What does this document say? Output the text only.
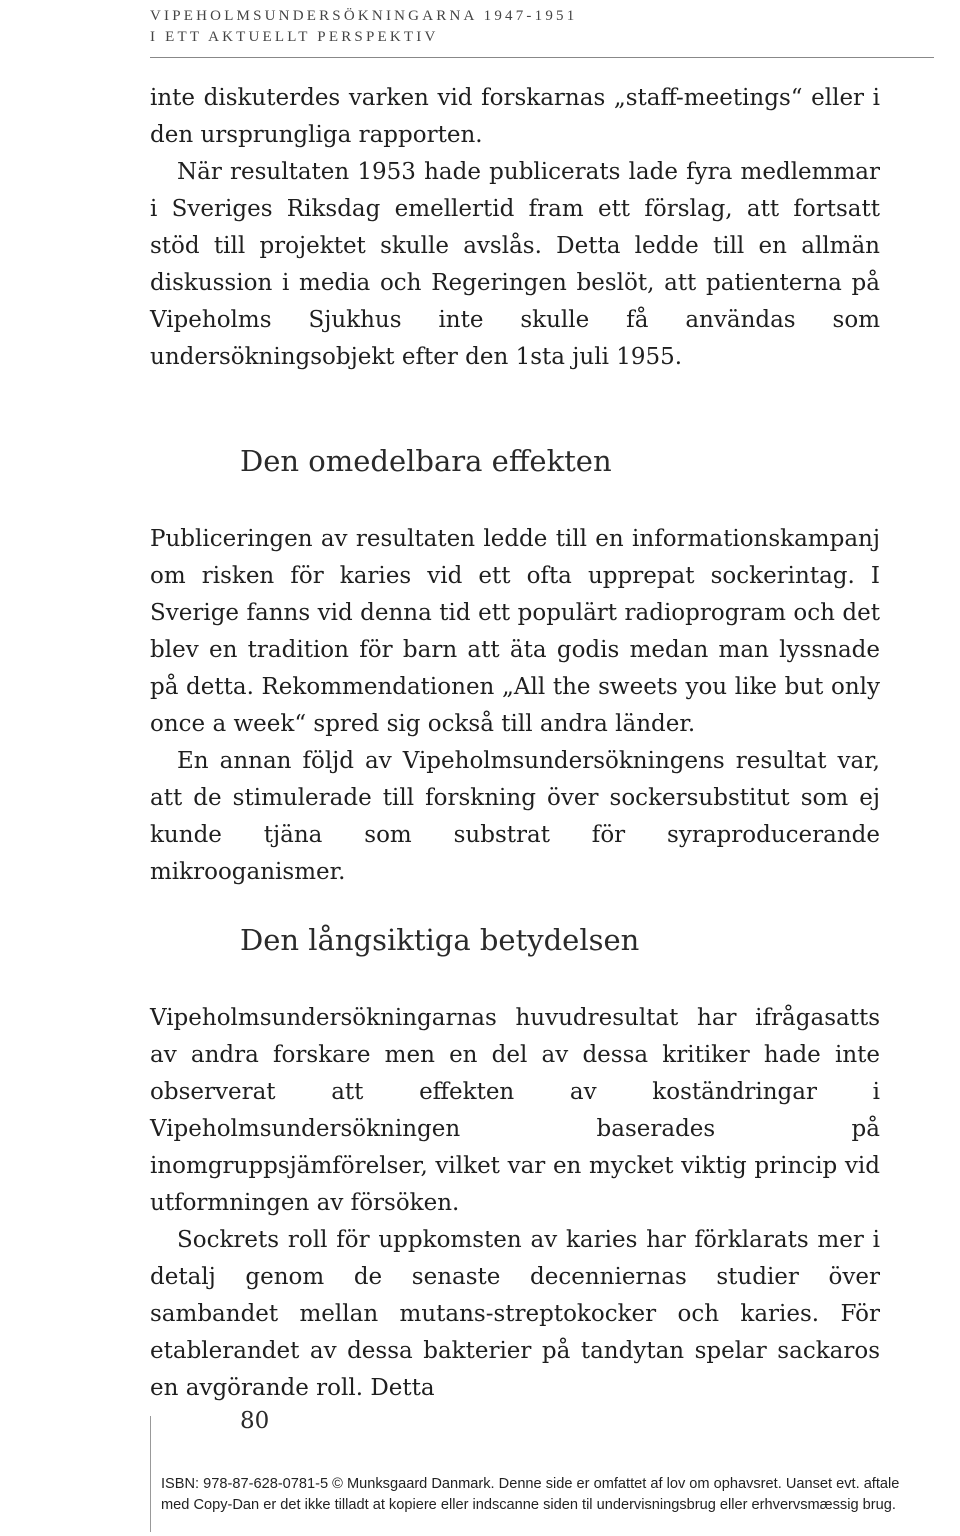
VIPEHOLMSUNDERSÖKNINGARNA 1947-1951
I ETT AKTUELLT PERSPEKTIV

inte diskuterdes varken vid forskarnas „staff-meetings“ eller i den ursprungliga rapporten.

När resultaten 1953 hade publicerats lade fyra medlemmar i Sveriges Riksdag emellertid fram ett förslag, att fortsatt stöd till projektet skulle avslås. Detta ledde till en allmän diskussion i media och Regeringen beslöt, att patienterna på Vipeholms Sjukhus inte skulle få användas som undersökningsobjekt efter den 1sta juli 1955.

Den omedelbara effekten

Publiceringen av resultaten ledde till en informationskampanj om risken för karies vid ett ofta upprepat sockerintag. I Sverige fanns vid denna tid ett populärt radioprogram och det blev en tradition för barn att äta godis medan man lyssnade på detta. Rekommendationen „All the sweets you like but only once a week“ spred sig också till andra länder.

En annan följd av Vipeholmsundersökningens resultat var, att de stimulerade till forskning över sockersubstitut som ej kunde tjäna som substrat för syraproducerande mikrooganismer.

Den långsiktiga betydelsen

Vipeholmsundersökningarnas huvudresultat har ifrågasatts av andra forskare men en del av dessa kritiker hade inte observerat att effekten av koständringar i Vipeholmsundersökningen baserades på inomgruppsjämförelser, vilket var en mycket viktig princip vid utformningen av försöken.

Sockrets roll för uppkomsten av karies har förklarats mer i detalj genom de senaste decenniernas studier över sambandet mellan mutans-streptokocker och karies. För etablerandet av dessa bakterier på tandytan spelar sackaros en avgörande roll. Detta

80
ISBN: 978-87-628-0781-5 © Munksgaard Danmark. Denne side er omfattet af lov om ophavsret. Uanset evt. aftale
med Copy-Dan er det ikke tilladt at kopiere eller indscanne siden til undervisningsbrug eller erhvervsmæssig brug.
